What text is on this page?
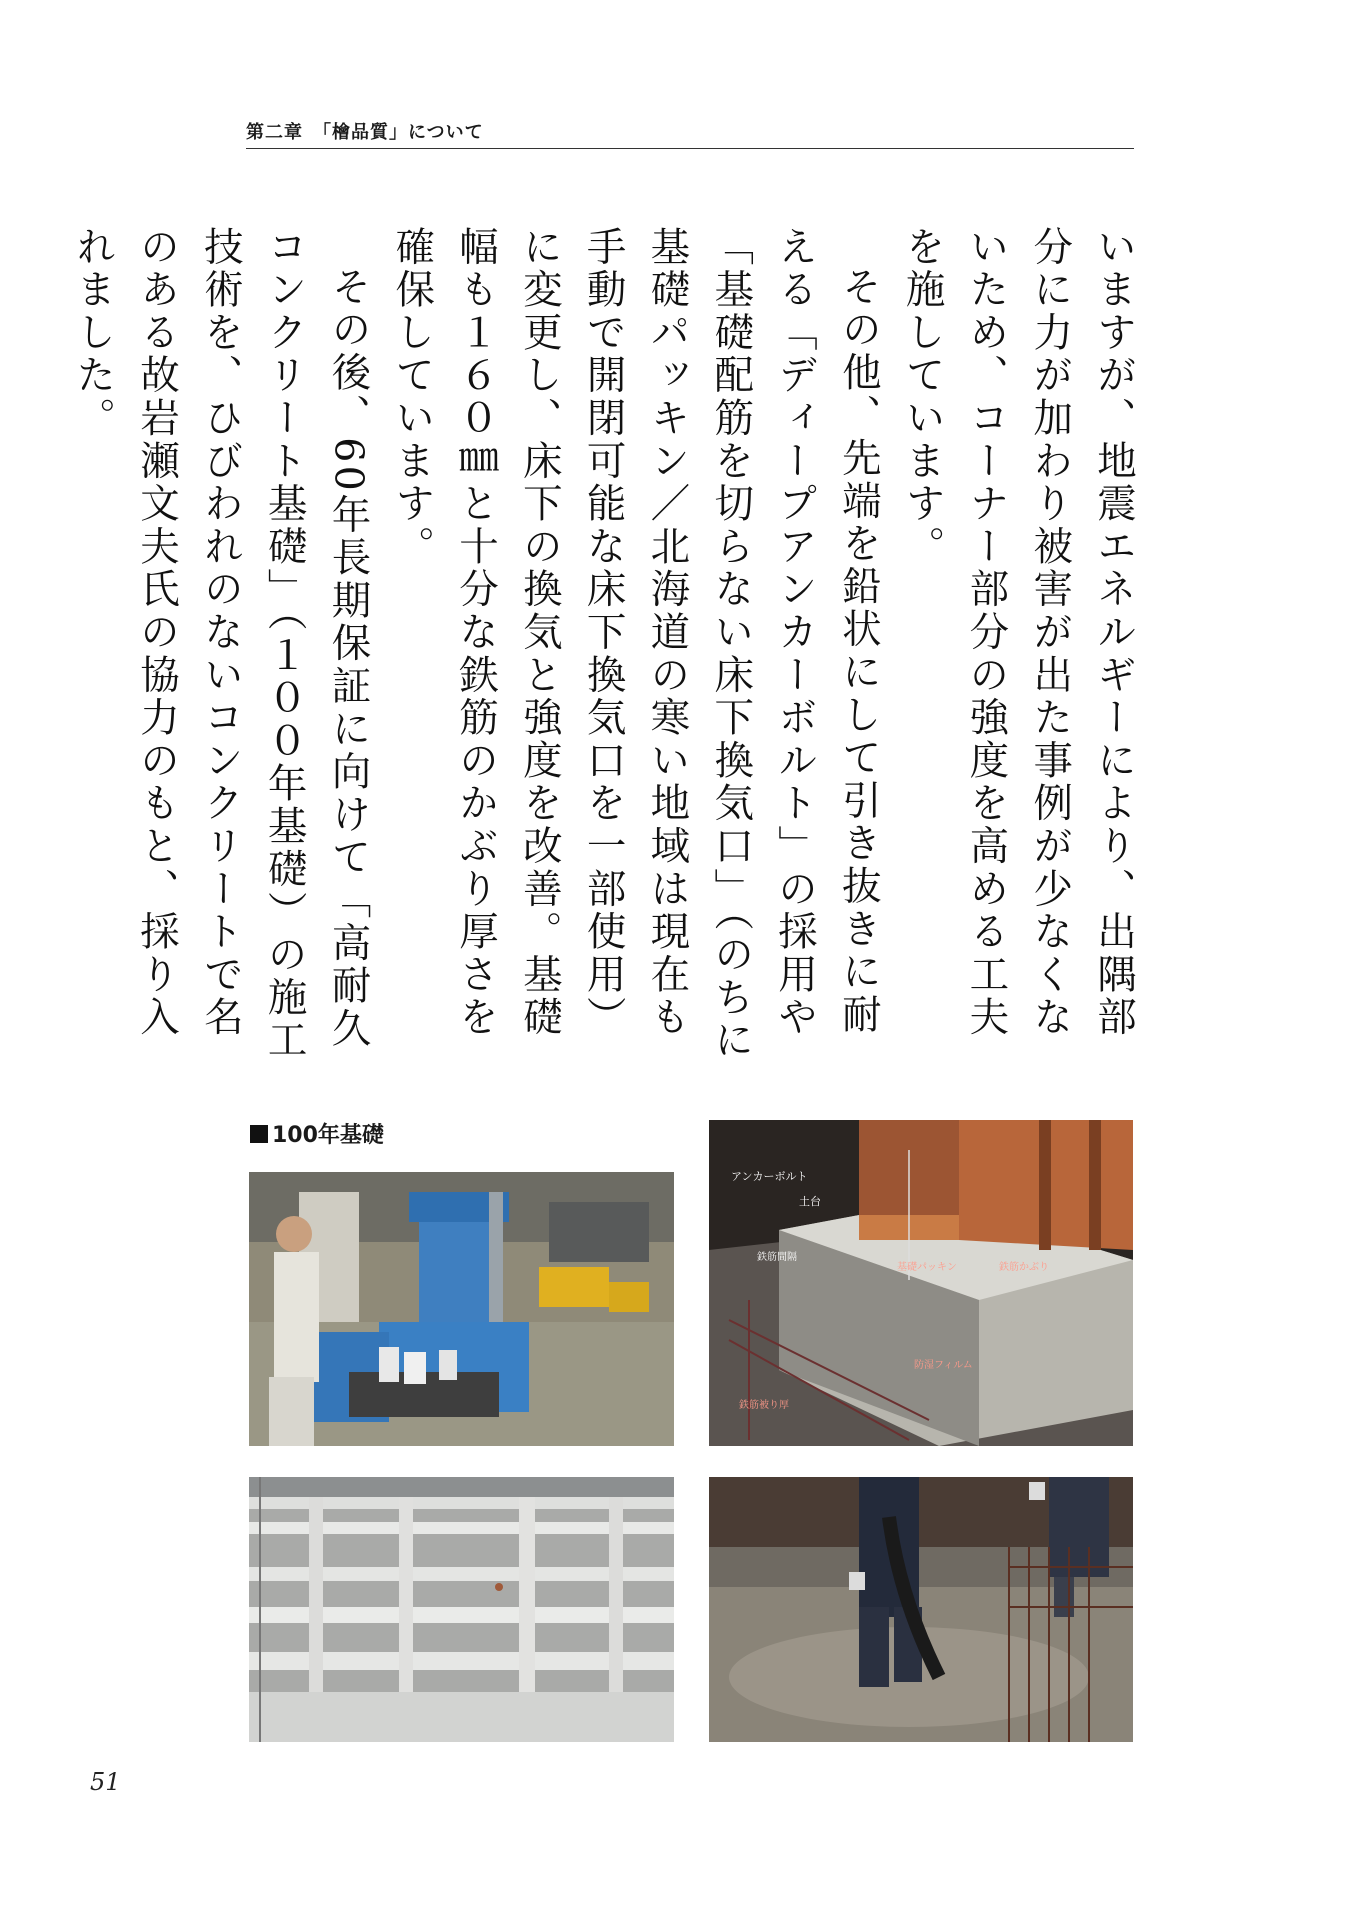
第二章　「檜品質」について

いますが、地震エネルギーにより、出隅部分に力が加わり被害が出た事例が少なくないため、コーナー部分の強度を高める工夫を施しています。

その他、先端を鉛状にして引き抜きに耐える「ディープアンカーボルト」の採用や「基礎配筋を切らない床下換気口」（のちに基礎パッキン／北海道の寒い地域は現在も手動で開閉可能な床下換気口を一部使用）に変更し、床下の換気と強度を改善。基礎幅も１６０㎜と十分な鉄筋のかぶり厚さを確保しています。

その後、60年長期保証に向けて「高耐久コンクリート基礎」（１００年基礎）の施工技術を、ひびわれのないコンクリートで名のある故岩瀬文夫氏の協力のもと、採り入れました。

100年基礎
アンカーボルト
土台
鉄筋間隔
基礎パッキン	鉄筋かぶり
防湿フィルム
鉄筋被り厚
51
